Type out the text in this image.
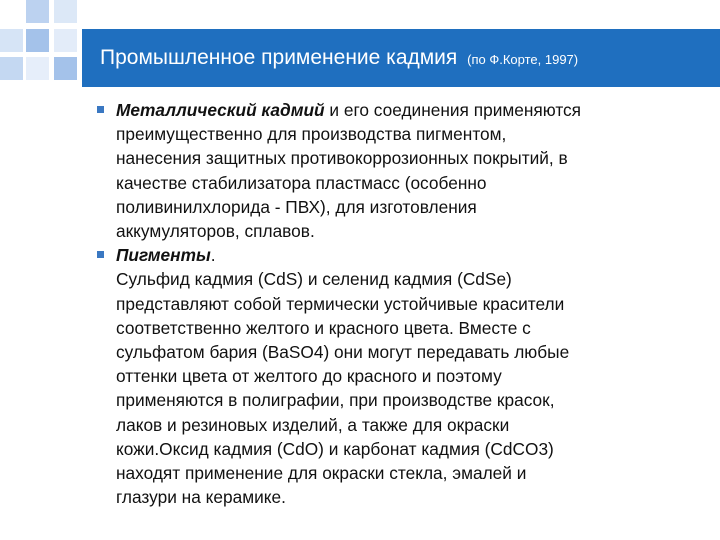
Промышленное применение кадмия (по Ф.Корте, 1997)
Металлический кадмий и его соединения применяются
преимущественно для производства пигментом,
нанесения защитных противокоррозионных покрытий, в
качестве стабилизатора пластмасс (особенно
поливинилхлорида - ПВХ), для изготовления
аккумуляторов, сплавов.
Пигменты.
Сульфид кадмия (CdS) и селенид кадмия (CdSe)
представляют собой термически устойчивые красители
соответственно желтого и красного цвета. Вместе с
сульфатом бария (BaSO4) они могут передавать любые
оттенки цвета от желтого до красного и поэтому
применяются в полиграфии, при производстве красок,
лаков и резиновых изделий, а также для окраски
кожи.Оксид кадмия (CdO) и карбонат кадмия (CdCO3)
находят применение для окраски стекла, эмалей и
глазури на керамике.
